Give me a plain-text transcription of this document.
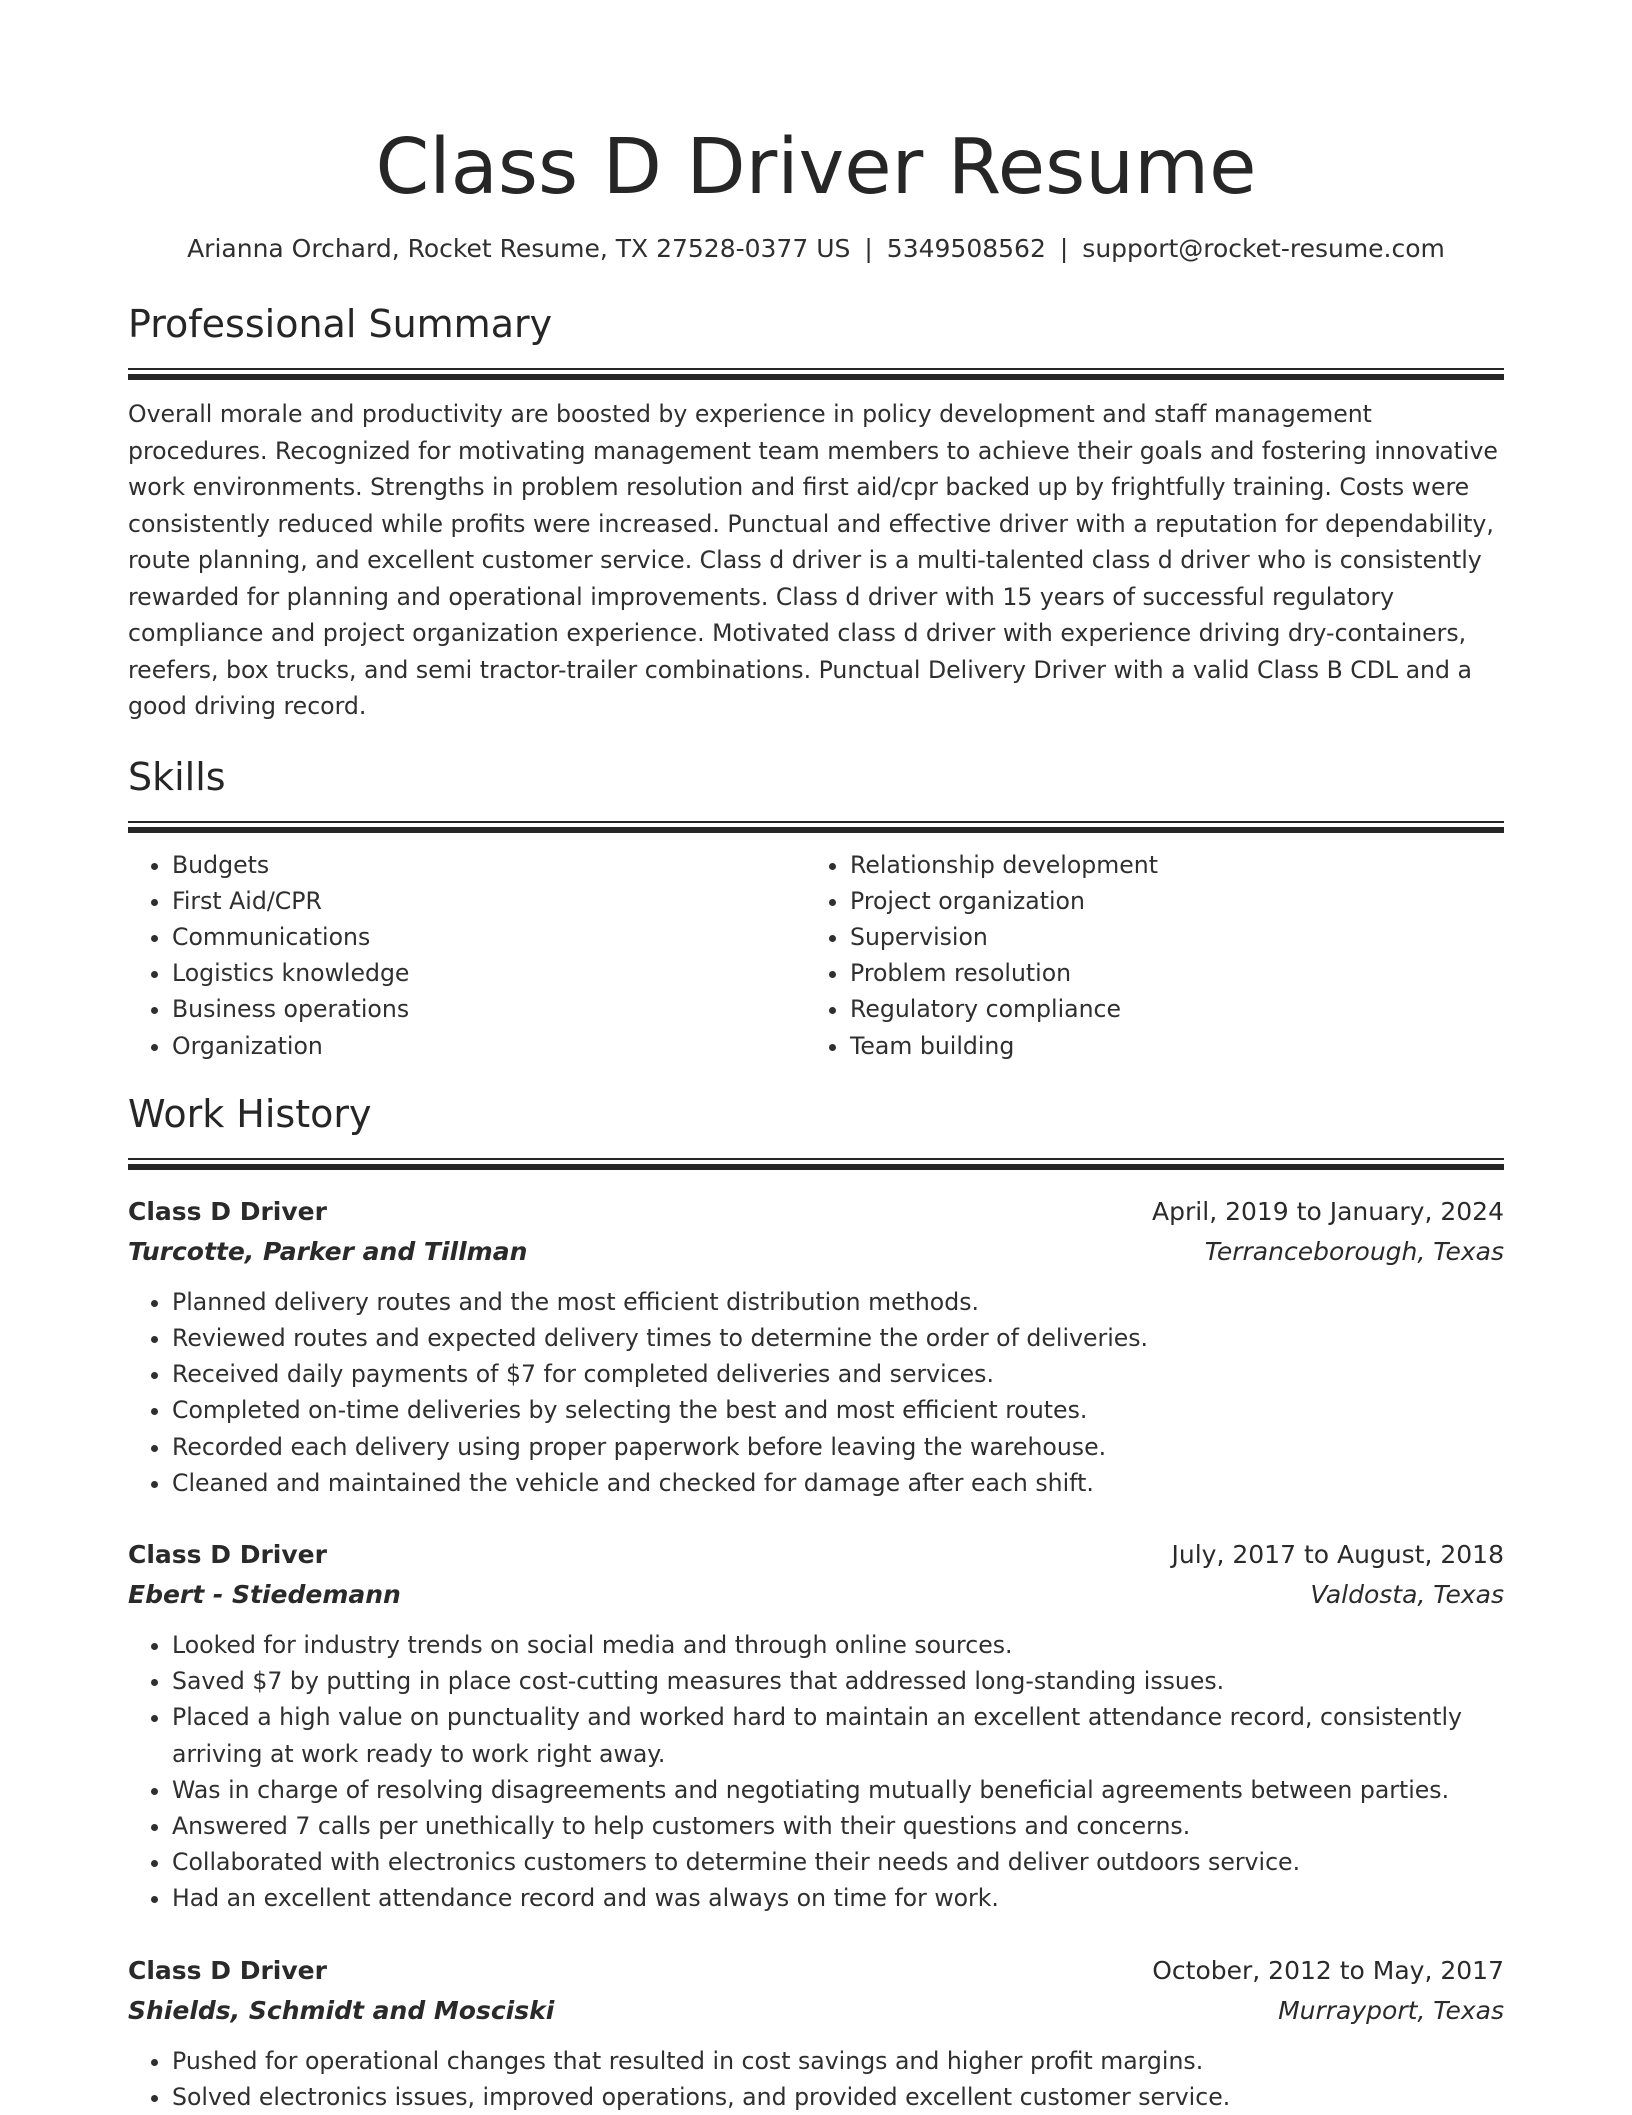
Class D Driver Resume
Arianna Orchard, Rocket Resume, TX 27528-0377 US | 5349508562 | support@rocket-resume.com
Professional Summary

Overall morale and productivity are boosted by experience in policy development and staff management procedures. Recognized for motivating management team members to achieve their goals and fostering innovative work environments. Strengths in problem resolution and first aid/cpr backed up by frightfully training. Costs were consistently reduced while profits were increased. Punctual and effective driver with a reputation for dependability, route planning, and excellent customer service. Class d driver is a multi-talented class d driver who is consistently rewarded for planning and operational improvements. Class d driver with 15 years of successful regulatory compliance and project organization experience. Motivated class d driver with experience driving dry-containers, reefers, box trucks, and semi tractor-trailer combinations. Punctual Delivery Driver with a valid Class B CDL and a good driving record.

Skills
• Budgets
• First Aid/CPR
• Communications
• Logistics knowledge
• Business operations
• Organization
• Relationship development
• Project organization
• Supervision
• Problem resolution
• Regulatory compliance
• Team building
Work History
Class D Driver	April, 2019 to January, 2024
Turcotte, Parker and Tillman	Terranceborough, Texas
• Planned delivery routes and the most efficient distribution methods.
• Reviewed routes and expected delivery times to determine the order of deliveries.
• Received daily payments of $7 for completed deliveries and services.
• Completed on-time deliveries by selecting the best and most efficient routes.
• Recorded each delivery using proper paperwork before leaving the warehouse.
• Cleaned and maintained the vehicle and checked for damage after each shift.
Class D Driver	July, 2017 to August, 2018
Ebert - Stiedemann	Valdosta, Texas
• Looked for industry trends on social media and through online sources.
• Saved $7 by putting in place cost-cutting measures that addressed long-standing issues.
• Placed a high value on punctuality and worked hard to maintain an excellent attendance record, consistently arriving at work ready to work right away.
• Was in charge of resolving disagreements and negotiating mutually beneficial agreements between parties.
• Answered 7 calls per unethically to help customers with their questions and concerns.
• Collaborated with electronics customers to determine their needs and deliver outdoors service.
• Had an excellent attendance record and was always on time for work.
Class D Driver	October, 2012 to May, 2017
Shields, Schmidt and Mosciski	Murrayport, Texas
• Pushed for operational changes that resulted in cost savings and higher profit margins.
• Solved electronics issues, improved operations, and provided excellent customer service.
